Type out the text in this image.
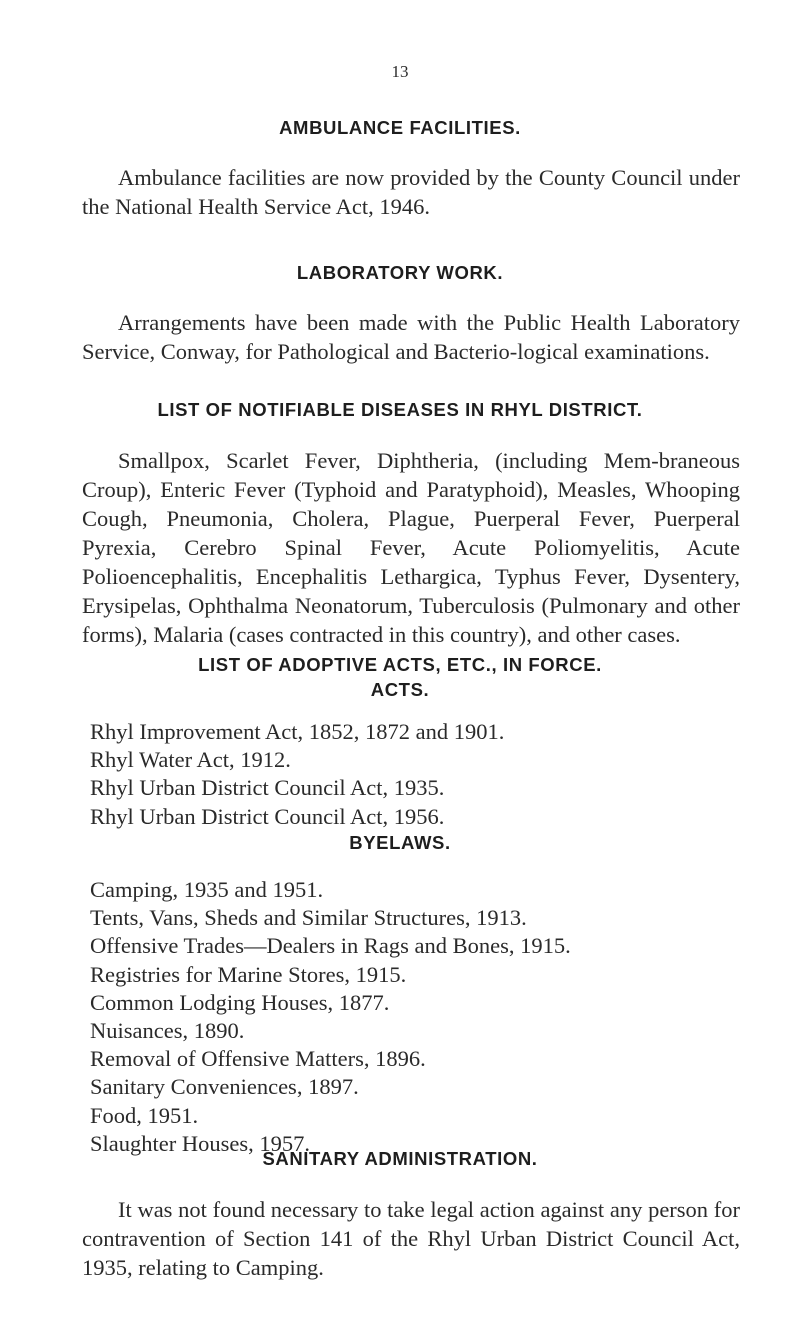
13
AMBULANCE FACILITIES.

Ambulance facilities are now provided by the County Council under the National Health Service Act, 1946.

LABORATORY WORK.

Arrangements have been made with the Public Health Laboratory Service, Conway, for Pathological and Bacterio-logical examinations.

LIST OF NOTIFIABLE DISEASES IN RHYL DISTRICT.

Smallpox, Scarlet Fever, Diphtheria, (including Mem-braneous Croup), Enteric Fever (Typhoid and Paratyphoid), Measles, Whooping Cough, Pneumonia, Cholera, Plague, Puerperal Fever, Puerperal Pyrexia, Cerebro Spinal Fever, Acute Poliomyelitis, Acute Polioencephalitis, Encephalitis Lethargica, Typhus Fever, Dysentery, Erysipelas, Ophthalma Neonatorum, Tuberculosis (Pulmonary and other forms), Malaria (cases contracted in this country), and other cases.

LIST OF ADOPTIVE ACTS, ETC., IN FORCE.
ACTS.
Rhyl Improvement Act, 1852, 1872 and 1901.
Rhyl Water Act, 1912.
Rhyl Urban District Council Act, 1935.
Rhyl Urban District Council Act, 1956.
BYELAWS.
Camping, 1935 and 1951.
Tents, Vans, Sheds and Similar Structures, 1913.
Offensive Trades—Dealers in Rags and Bones, 1915.
Registries for Marine Stores, 1915.
Common Lodging Houses, 1877.
Nuisances, 1890.
Removal of Offensive Matters, 1896.
Sanitary Conveniences, 1897.
Food, 1951.
Slaughter Houses, 1957.
SANITARY ADMINISTRATION.

It was not found necessary to take legal action against any person for contravention of Section 141 of the Rhyl Urban District Council Act, 1935, relating to Camping.
